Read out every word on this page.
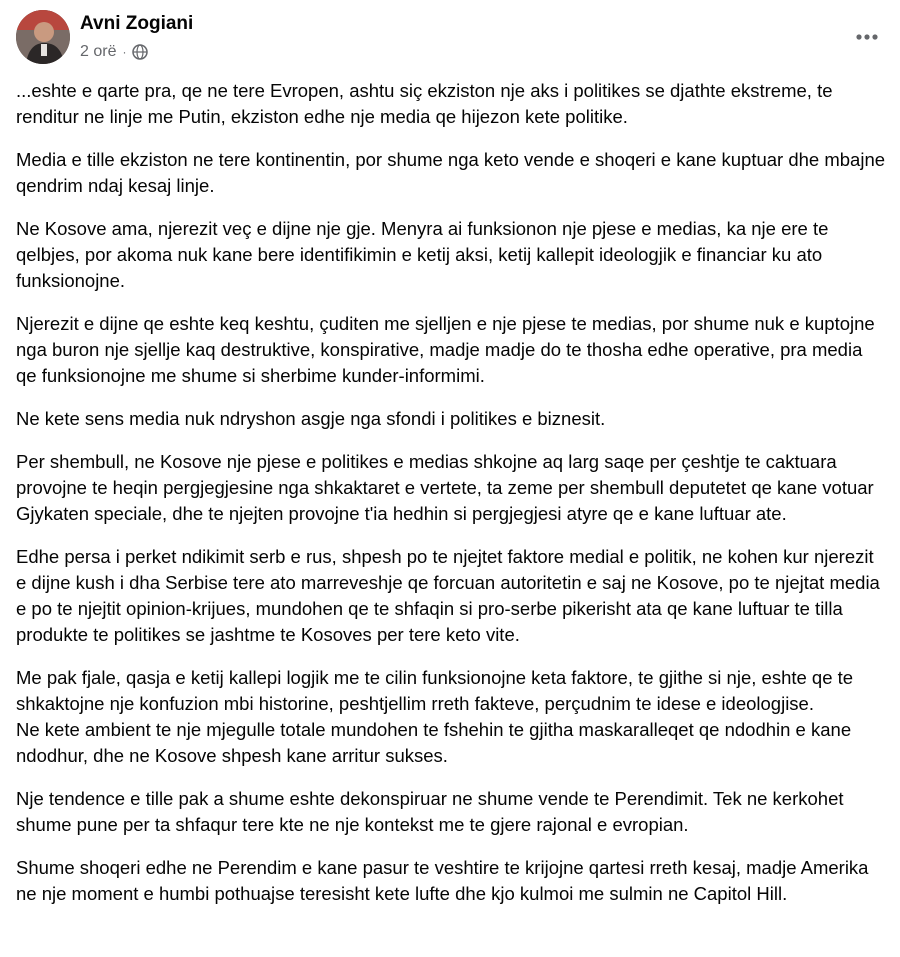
Avni Zogiani
2 orë ·

...eshte e qarte pra, qe ne tere Evropen, ashtu siç ekziston nje aks i politikes se djathte ekstreme, te renditur ne linje me Putin, ekziston edhe nje media qe hijezon kete politike.

Media e tille ekziston ne tere kontinentin, por shume nga keto vende e shoqeri e kane kuptuar dhe mbajne qendrim ndaj kesaj linje.

Ne Kosove ama, njerezit veç e dijne nje gje. Menyra ai funksionon nje pjese e medias, ka nje ere te qelbjes, por akoma nuk kane bere identifikimin e ketij aksi, ketij kallepit ideologjik e financiar ku ato funksionojne.

Njerezit e dijne qe eshte keq keshtu, çuditen me sjelljen e nje pjese te medias, por shume nuk e kuptojne nga buron nje sjellje kaq destruktive, konspirative, madje madje do te thosha edhe operative, pra media qe funksionojne me shume si sherbime kunder-informimi.

Ne kete sens media nuk ndryshon asgje nga sfondi i politikes e biznesit.

Per shembull, ne Kosove nje pjese e politikes e medias shkojne aq larg saqe per çeshtje te caktuara provojne te heqin pergjegjesine nga shkaktaret e vertete, ta zeme per shembull deputetet qe kane votuar Gjykaten speciale, dhe te njejten provojne t'ia hedhin si pergjegjesi atyre qe e kane luftuar ate.

Edhe persa i perket ndikimit serb e rus, shpesh po te njejtet faktore medial e politik, ne kohen kur njerezit e dijne kush i dha Serbise tere ato marreveshje qe forcuan autoritetin e saj ne Kosove, po te njejtat media e po te njejtit opinion-krijues, mundohen qe te shfaqin si pro-serbe pikerisht ata qe kane luftuar te tilla produkte te politikes se jashtme te Kosoves per tere keto vite.

Me pak fjale, qasja e ketij kallepi logjik me te cilin funksionojne keta faktore, te gjithe si nje, eshte qe te shkaktojne nje konfuzion mbi historine, peshtjellim rreth fakteve, perçudnim te idese e ideologjise.

Ne kete ambient te nje mjegulle totale mundohen te fshehin te gjitha maskaralleqet qe ndodhin e kane ndodhur, dhe ne Kosove shpesh kane arritur sukses.

Nje tendence e tille pak a shume eshte dekonspiruar ne shume vende te Perendimit. Tek ne kerkohet shume pune per ta shfaqur tere kte ne nje kontekst me te gjere rajonal e evropian.

Shume shoqeri edhe ne Perendim e kane pasur te veshtire te krijojne qartesi rreth kesaj, madje Amerika ne nje moment e humbi pothuajse teresisht kete lufte dhe kjo kulmoi me sulmin ne Capitol Hill.
